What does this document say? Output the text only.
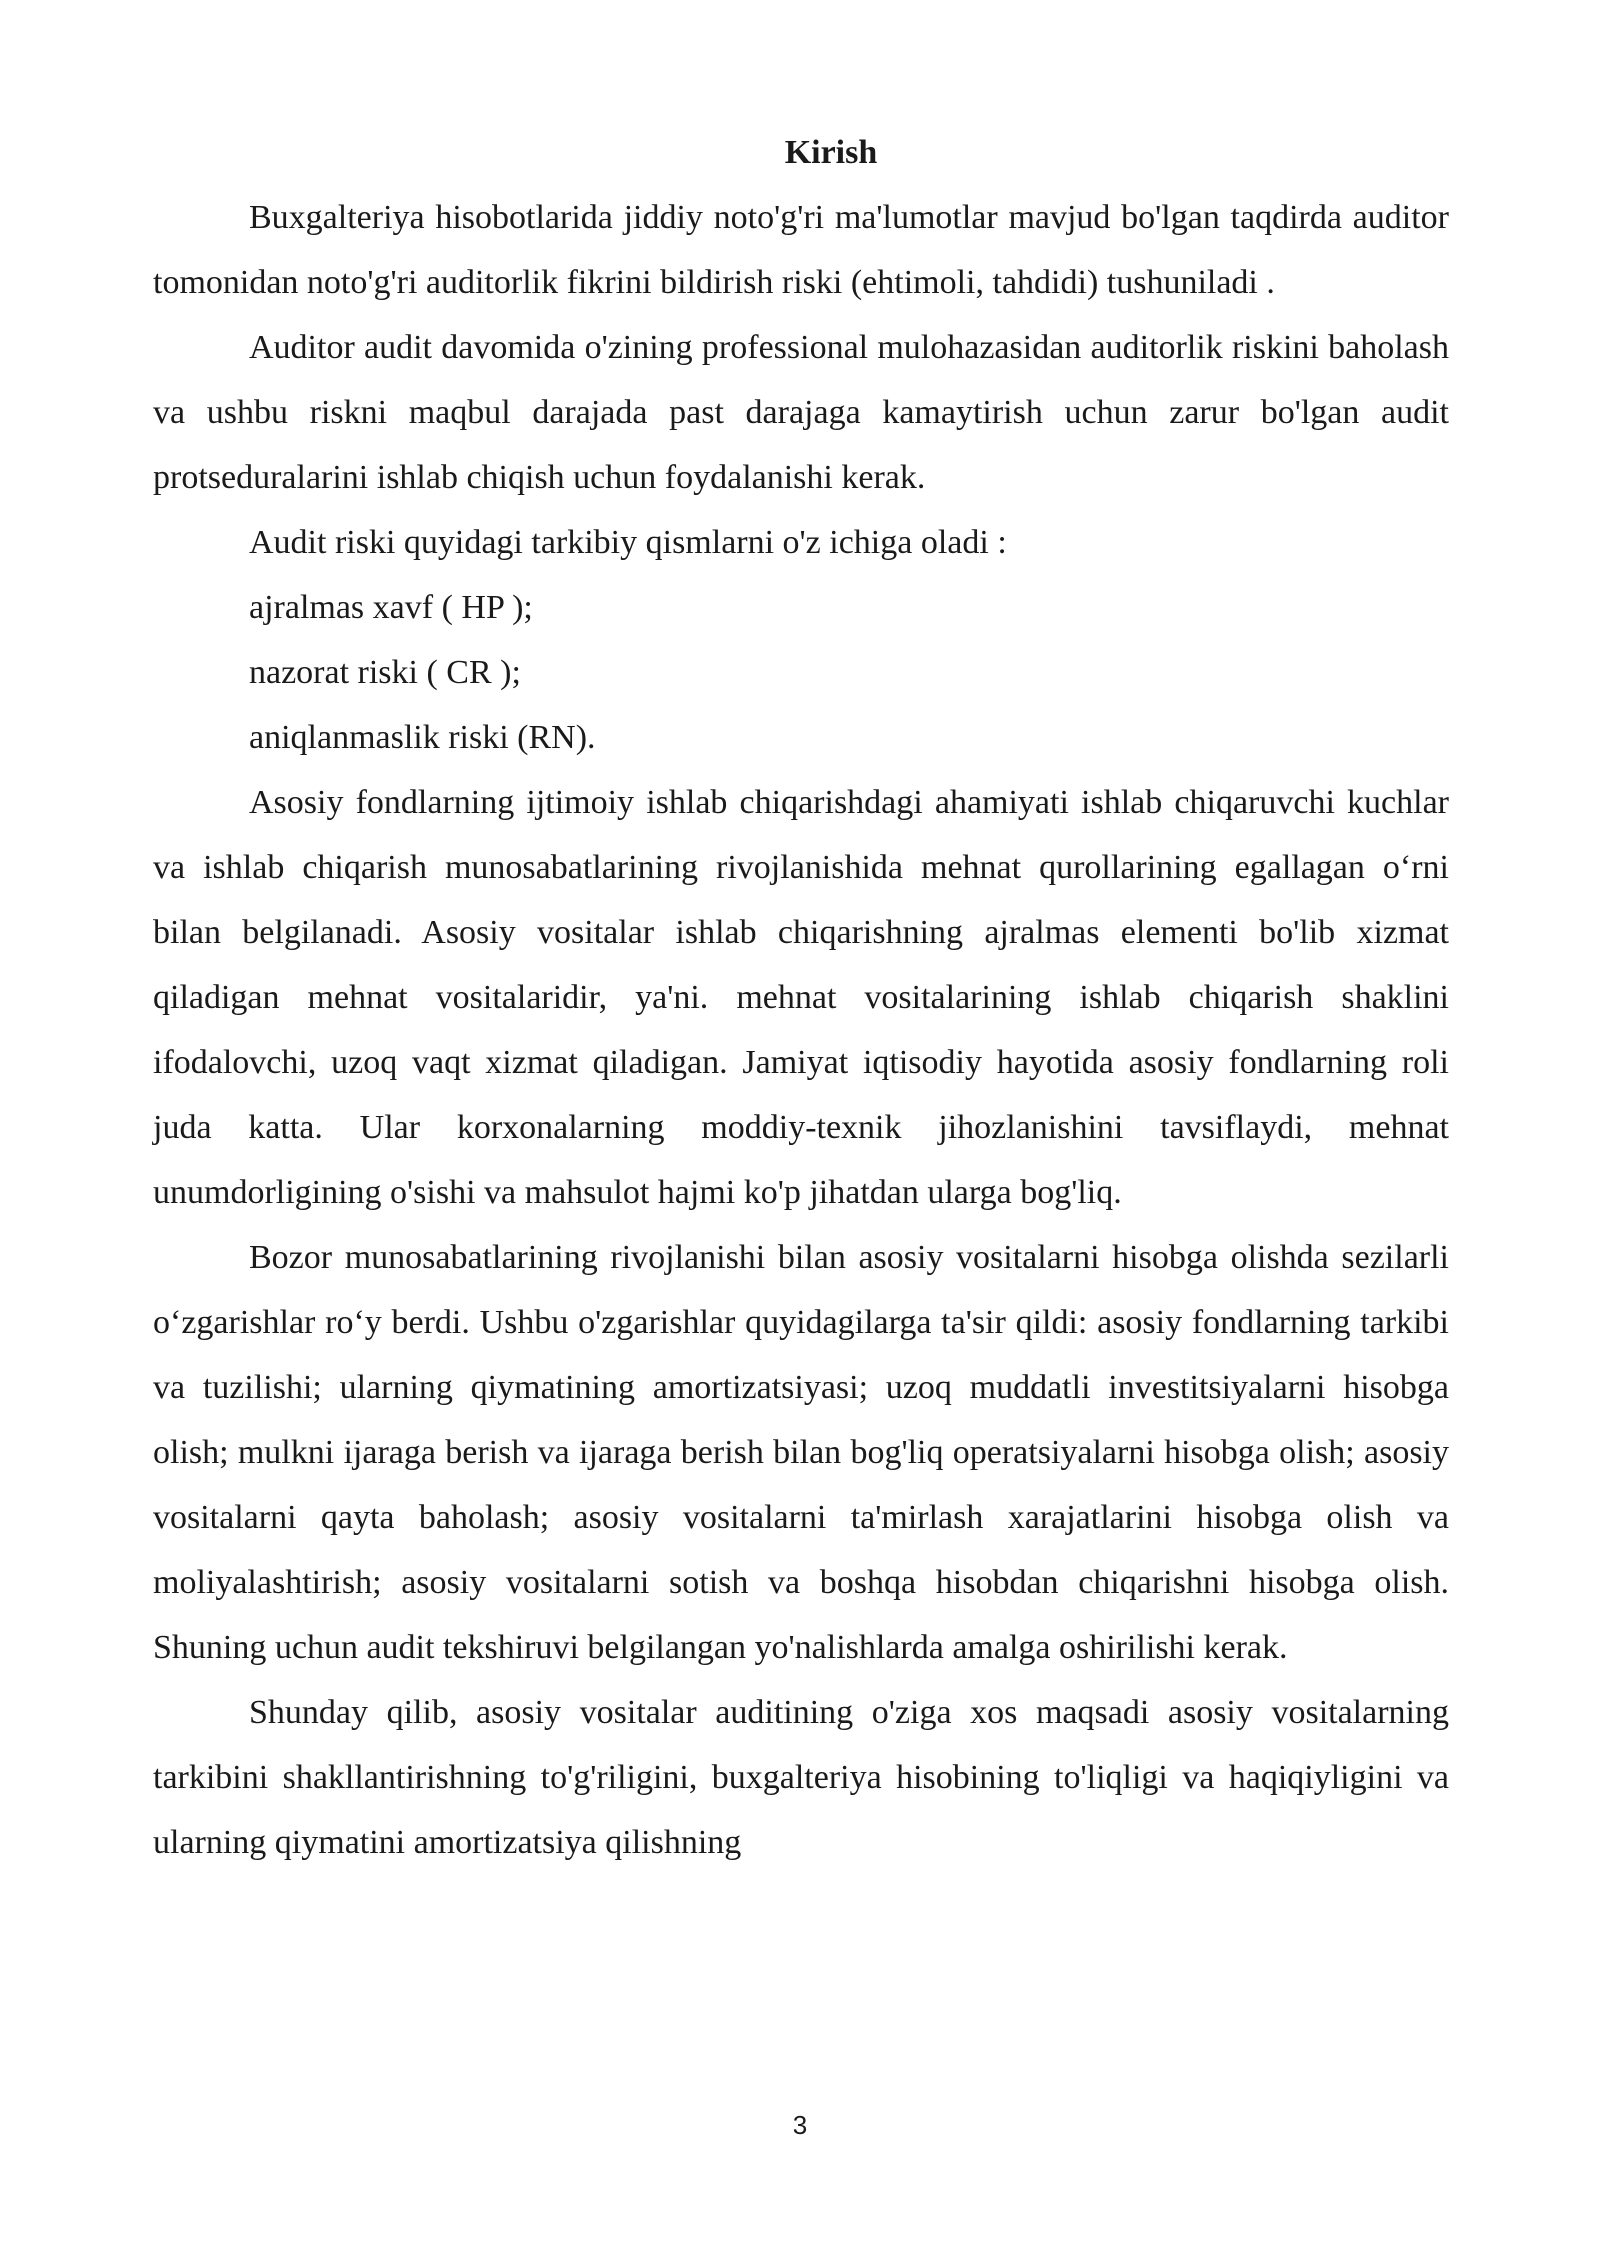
Kirish

Buxgalteriya hisobotlarida jiddiy noto'g'ri ma'lumotlar mavjud bo'lgan taqdirda auditor tomonidan noto'g'ri auditorlik fikrini bildirish riski (ehtimoli, tahdidi) tushuniladi .

Auditor audit davomida o'zining professional mulohazasidan auditorlik riskini baholash va ushbu riskni maqbul darajada past darajaga kamaytirish uchun zarur bo'lgan audit protseduralarini ishlab chiqish uchun foydalanishi kerak.

Audit riski quyidagi tarkibiy qismlarni o'z ichiga oladi :

ajralmas xavf ( HP );

nazorat riski ( CR );

aniqlanmaslik riski (RN).

Asosiy fondlarning ijtimoiy ishlab chiqarishdagi ahamiyati ishlab chiqaruvchi kuchlar va ishlab chiqarish munosabatlarining rivojlanishida mehnat qurollarining egallagan oʻrni bilan belgilanadi. Asosiy vositalar ishlab chiqarishning ajralmas elementi bo'lib xizmat qiladigan mehnat vositalaridir, ya'ni. mehnat vositalarining ishlab chiqarish shaklini ifodalovchi, uzoq vaqt xizmat qiladigan. Jamiyat iqtisodiy hayotida asosiy fondlarning roli juda katta. Ular korxonalarning moddiy-texnik jihozlanishini tavsiflaydi, mehnat unumdorligining o'sishi va mahsulot hajmi ko'p jihatdan ularga bog'liq.

Bozor munosabatlarining rivojlanishi bilan asosiy vositalarni hisobga olishda sezilarli oʻzgarishlar roʻy berdi. Ushbu o'zgarishlar quyidagilarga ta'sir qildi: asosiy fondlarning tarkibi va tuzilishi; ularning qiymatining amortizatsiyasi; uzoq muddatli investitsiyalarni hisobga olish; mulkni ijaraga berish va ijaraga berish bilan bog'liq operatsiyalarni hisobga olish; asosiy vositalarni qayta baholash; asosiy vositalarni ta'mirlash xarajatlarini hisobga olish va moliyalashtirish; asosiy vositalarni sotish va boshqa hisobdan chiqarishni hisobga olish. Shuning uchun audit tekshiruvi belgilangan yo'nalishlarda amalga oshirilishi kerak.

Shunday qilib, asosiy vositalar auditining o'ziga xos maqsadi asosiy vositalarning tarkibini shakllantirishning to'g'riligini, buxgalteriya hisobining to'liqligi va haqiqiyligini va ularning qiymatini amortizatsiya qilishning

3
